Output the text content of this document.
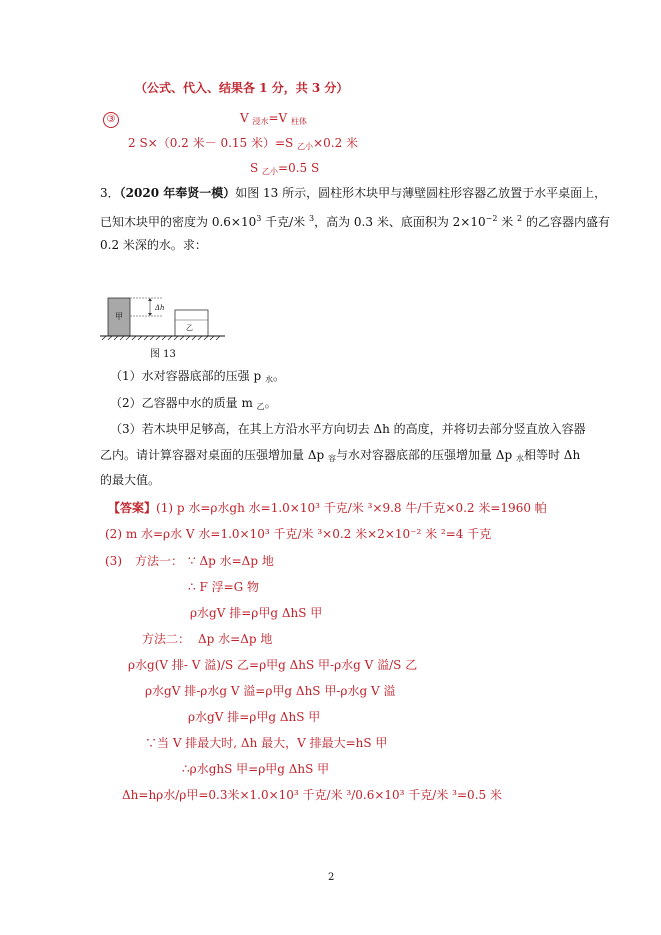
（公式、代入、结果各 1 分，共 3 分）
③	V $_{浸水}$=V $_{柱体}$
2 S×（0.2 米－ 0.15 米）=S $_{乙小}$×0.2 米
S $_{乙小}$=0.5 S
3．（2020 年奉贤一模）如图 13 所示，圆柱形木块甲与薄壁圆柱形容器乙放置于水平桌面上，
已知木块甲的密度为 $0.6\times 10^3$ 千克/米 $^3$，高为 0.3 米、底面积为 $2\times 10^{-2}$ 米 $^2$ 的乙容器内盛有
0.2 米深的水。求：
甲
Δh
乙
图 13
（1）水对容器底部的压强 p $_水$。
（2）乙容器中水的质量 m $_乙$。
（3）若木块甲足够高，在其上方沿水平方向切去 Δh 的高度，并将切去部分竖直放入容器
乙内。请计算容器对桌面的压强增加量 Δp $_容$与水对容器底部的压强增加量 Δp $_水$相等时 Δh
的最大值。
【答案】(1) p 水=ρ水gh 水=1.0×10³ 千克/米 ³×9.8 牛/千克×0.2 米=1960 帕
(2) m 水=ρ水 V 水=1.0×10³ 千克/米 ³×0.2 米×2×10⁻² 米 ²=4 千克
(3) 方法一： ∵ Δp 水=Δp 地
∴ F 浮=G 物
ρ水gV 排=ρ甲g ΔhS 甲
方法二： Δp 水=Δp 地
ρ水g(V 排- V 溢)/S 乙=ρ甲g ΔhS 甲-ρ水g V 溢/S 乙
ρ水gV 排-ρ水g V 溢=ρ甲g ΔhS 甲-ρ水g V 溢
ρ水gV 排=ρ甲g ΔhS 甲
∵当 V 排最大时, Δh 最大，V 排最大=hS 甲
∴ρ水ghS 甲=ρ甲g ΔhS 甲
Δh=hρ水/ρ甲=0.3米×1.0×10³ 千克/米 ³/0.6×10³ 千克/米 ³=0.5 米
2
